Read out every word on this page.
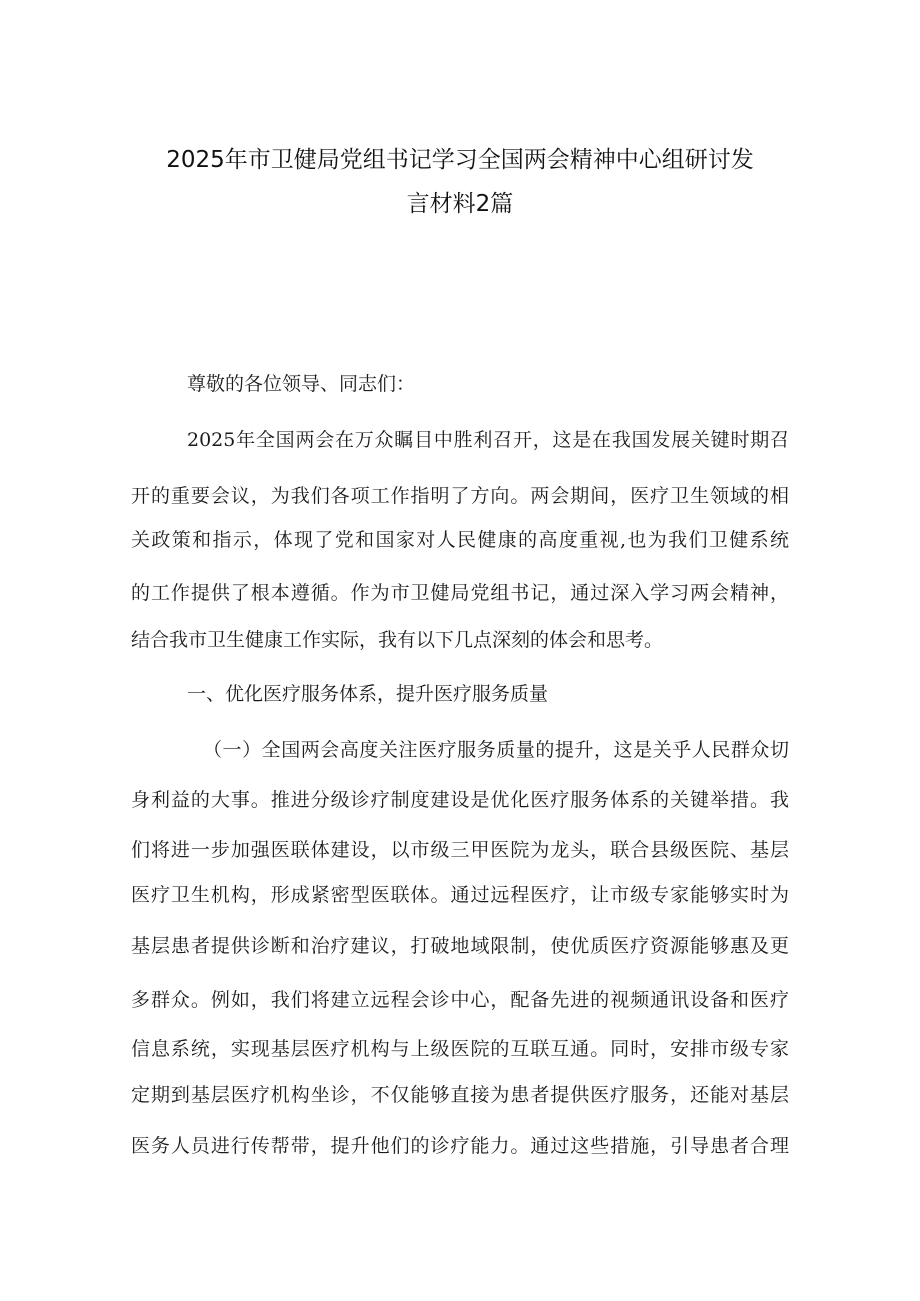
2025年市卫健局党组书记学习全国两会精神中心组研讨发
言材料2篇
尊敬的各位领导、同志们：
2025年全国两会在万众瞩目中胜利召开，这是在我国发展关键时期召
开的重要会议，为我们各项工作指明了方向。两会期间，医疗卫生领域的相
关政策和指示，体现了党和国家对人民健康的高度重视,也为我们卫健系统
的工作提供了根本遵循。作为市卫健局党组书记，通过深入学习两会精神，
结合我市卫生健康工作实际，我有以下几点深刻的体会和思考。
一、优化医疗服务体系，提升医疗服务质量
（一）全国两会高度关注医疗服务质量的提升，这是关乎人民群众切
身利益的大事。推进分级诊疗制度建设是优化医疗服务体系的关键举措。我
们将进一步加强医联体建设，以市级三甲医院为龙头，联合县级医院、基层
医疗卫生机构，形成紧密型医联体。通过远程医疗，让市级专家能够实时为
基层患者提供诊断和治疗建议，打破地域限制，使优质医疗资源能够惠及更
多群众。例如，我们将建立远程会诊中心，配备先进的视频通讯设备和医疗
信息系统，实现基层医疗机构与上级医院的互联互通。同时，安排市级专家
定期到基层医疗机构坐诊，不仅能够直接为患者提供医疗服务，还能对基层
医务人员进行传帮带，提升他们的诊疗能力。通过这些措施，引导患者合理
